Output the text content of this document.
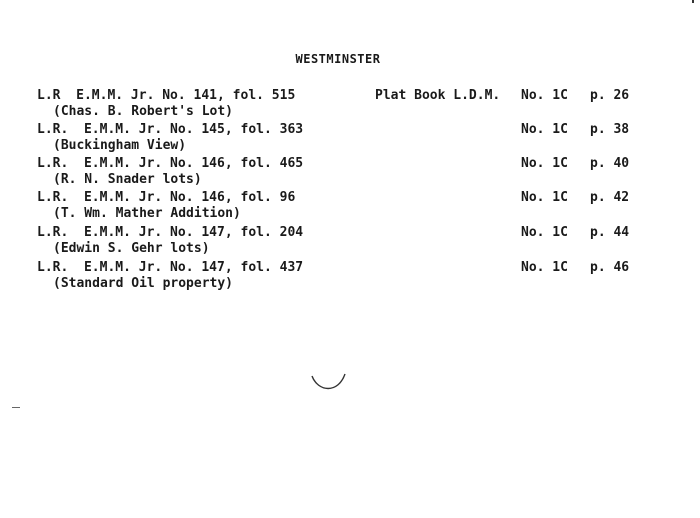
WESTMINSTER
L.R  E.M.M. Jr. No. 141, fol. 515
(Chas. B. Robert's Lot)
Plat Book L.D.M. No. 1C p. 26
L.R.  E.M.M. Jr. No. 145, fol. 363
(Buckingham View)
No. 1C p. 38
L.R.  E.M.M. Jr. No. 146, fol. 465
(R. N. Snader lots)
No. 1C p. 40
L.R.  E.M.M. Jr. No. 146, fol. 96
(T. Wm. Mather Addition)
No. 1C p. 42
L.R.  E.M.M. Jr. No. 147, fol. 204
(Edwin S. Gehr lots)
No. 1C p. 44
L.R.  E.M.M. Jr. No. 147, fol. 437
(Standard Oil property)
No. 1C p. 46
